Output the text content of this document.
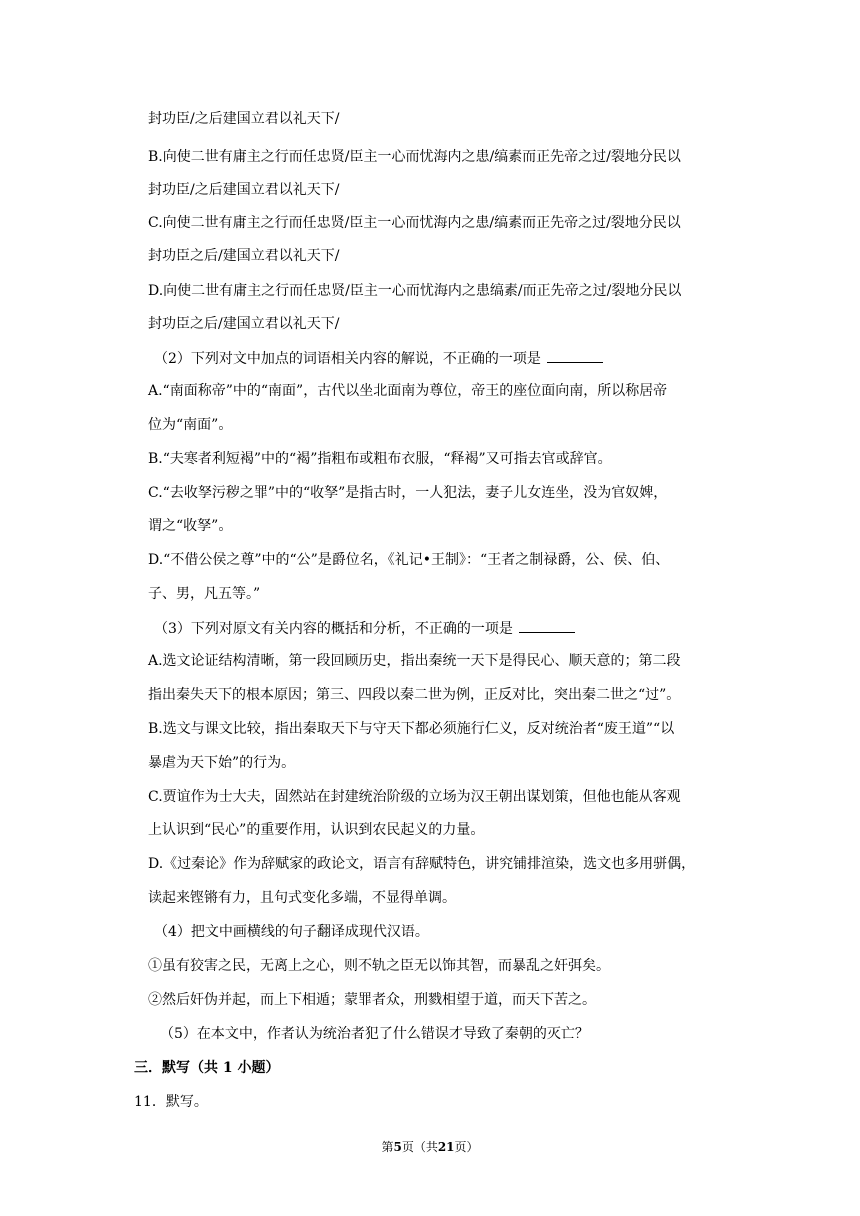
封功臣/之后建国立君以礼天下/
B.向使二世有庸主之行而任忠贤/臣主一心而忧海内之患/缟素而正先帝之过/裂地分民以
封功臣/之后建国立君以礼天下/
C.向使二世有庸主之行而任忠贤/臣主一心而忧海内之患/缟素而正先帝之过/裂地分民以
封功臣之后/建国立君以礼天下/
D.向使二世有庸主之行而任忠贤/臣主一心而忧海内之患缟素/而正先帝之过/裂地分民以
封功臣之后/建国立君以礼天下/
（2）下列对文中加点的词语相关内容的解说，不正确的一项是
A.“南面称帝”中的“南面”，古代以坐北面南为尊位，帝王的座位面向南，所以称居帝
位为“南面”。
B.“夫寒者利短褐”中的“褐”指粗布或粗布衣服，“释褐”又可指去官或辞官。
C.“去收孥污秽之罪”中的“收孥”是指古时，一人犯法，妻子儿女连坐，没为官奴婢，
谓之“收孥”。
D.“不借公侯之尊”中的“公”是爵位名，《礼记•王制》：“王者之制禄爵，公、侯、伯、
子、男，凡五等。”
（3）下列对原文有关内容的概括和分析，不正确的一项是
A.选文论证结构清晰，第一段回顾历史，指出秦统一天下是得民心、顺天意的；第二段
指出秦失天下的根本原因；第三、四段以秦二世为例，正反对比，突出秦二世之“过”。
B.选文与课文比较，指出秦取天下与守天下都必须施行仁义，反对统治者“废王道”“以
暴虐为天下始”的行为。
C.贾谊作为士大夫，固然站在封建统治阶级的立场为汉王朝出谋划策，但他也能从客观
上认识到“民心”的重要作用，认识到农民起义的力量。
D.《过秦论》作为辞赋家的政论文，语言有辞赋特色，讲究铺排渲染，选文也多用骈偶，
读起来铿锵有力，且句式变化多端，不显得单调。
（4）把文中画横线的句子翻译成现代汉语。
①虽有狡害之民，无离上之心，则不轨之臣无以饰其智，而暴乱之奸弭矣。
②然后奸伪并起，而上下相遁；蒙罪者众，刑戮相望于道，而天下苦之。
（5）在本文中，作者认为统治者犯了什么错误才导致了秦朝的灭亡？
三．默写（共 1 小题）
11．默写。
第5页（共21页）
